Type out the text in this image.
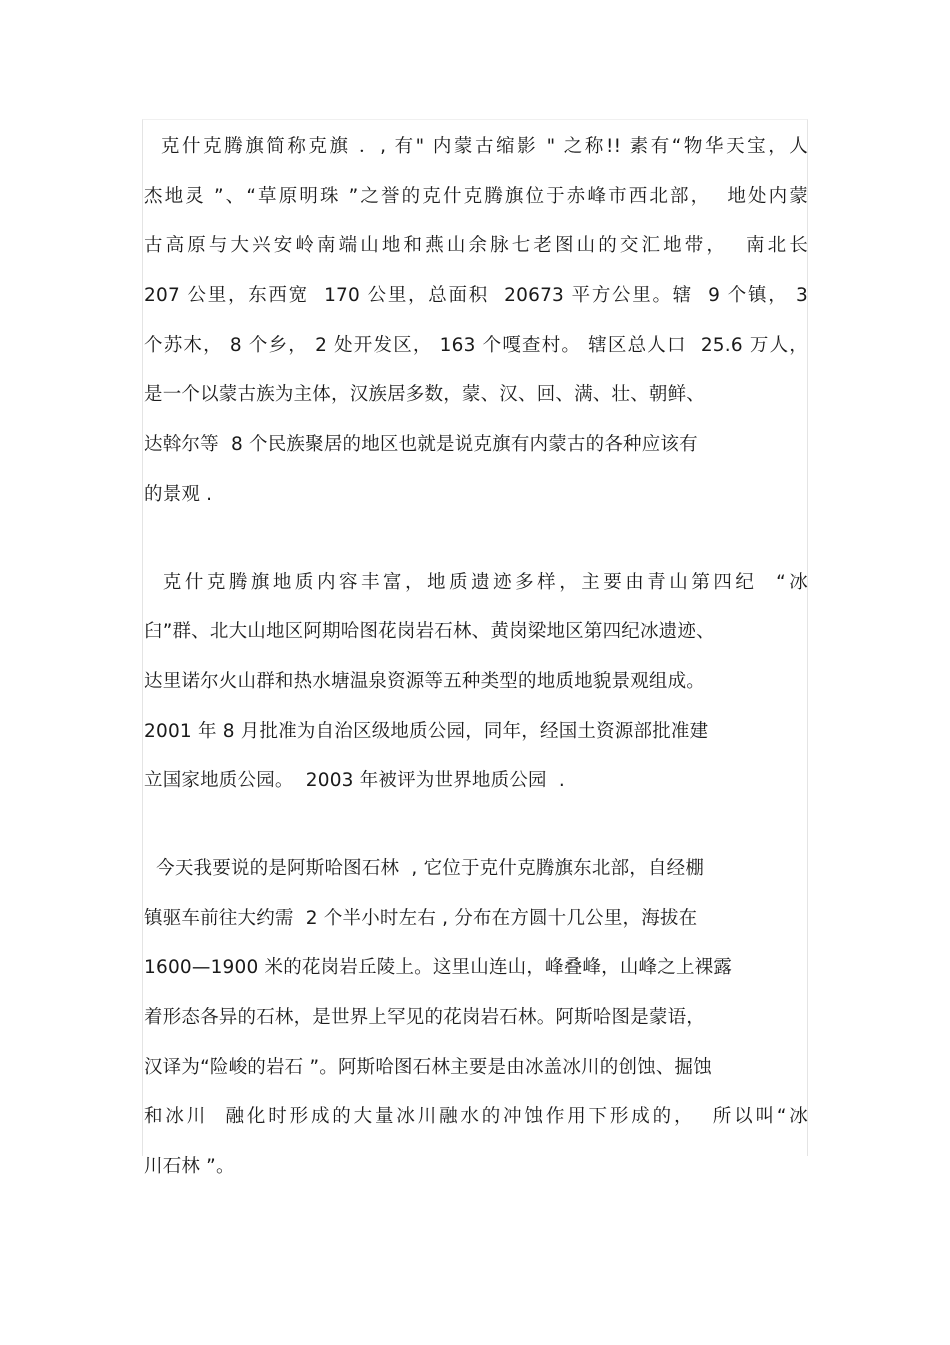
克什克腾旗简称克旗 ．, 有" 内蒙古缩影 " 之称!! 素有“物华天宝，人
杰地灵 ”、“草原明珠 ”之誉的克什克腾旗位于赤峰市西北部，  地处内蒙
古高原与大兴安岭南端山地和燕山余脉七老图山的交汇地带，  南北长
207 公里，东西宽  170 公里，总面积  20673 平方公里。辖  9 个镇， 3
个苏木， 8 个乡， 2 处开发区， 163 个嘎查村。 辖区总人口  25.6 万人，
是一个以蒙古族为主体，汉族居多数，蒙、汉、回、满、壮、朝鲜、
达斡尔等  8 个民族聚居的地区也就是说克旗有内蒙古的各种应该有
的景观 .
克什克腾旗地质内容丰富，地质遗迹多样，主要由青山第四纪  “冰
臼”群、北大山地区阿期哈图花岗岩石林、黄岗梁地区第四纪冰遗迹、
达里诺尔火山群和热水塘温泉资源等五种类型的地质地貌景观组成。
2001 年 8 月批准为自治区级地质公园，同年，经国土资源部批准建
立国家地质公园。  2003 年被评为世界地质公园  .
今天我要说的是阿斯哈图石林  , 它位于克什克腾旗东北部，自经棚
镇驱车前往大约需  2 个半小时左右 , 分布在方圆十几公里，海拔在
1600—1900 米的花岗岩丘陵上。这里山连山，峰叠峰，山峰之上裸露
着形态各异的石林，是世界上罕见的花岗岩石林。阿斯哈图是蒙语，
汉译为“险峻的岩石 ”。阿斯哈图石林主要是由冰盖冰川的创蚀、掘蚀
和冰川  融化时形成的大量冰川融水的冲蚀作用下形成的，  所以叫“冰
川石林 ”。
